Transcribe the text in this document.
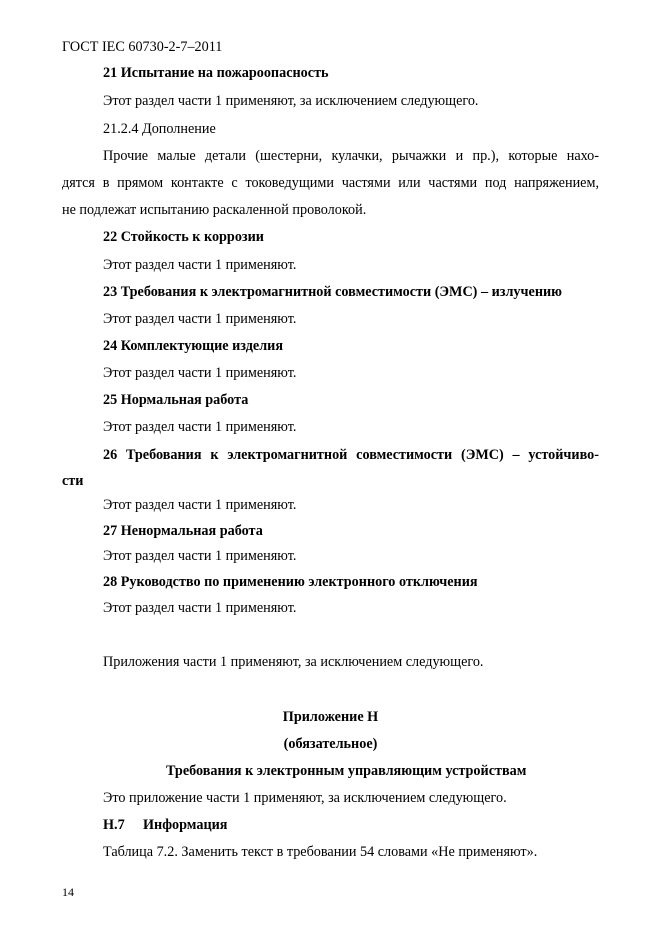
ГОСТ IEC 60730-2-7–2011

21 Испытание на пожароопасность

Этот раздел части 1 применяют, за исключением следующего.

21.2.4 Дополнение

Прочие малые детали (шестерни, кулачки, рычажки и пр.), которые нахо-

дятся в прямом контакте с токоведущими частями или частями под напряжением,

не подлежат испытанию раскаленной проволокой.

22 Стойкость к коррозии

Этот раздел части 1 применяют.

23 Требования к электромагнитной совместимости (ЭМС) – излучению

Этот раздел части 1 применяют.

24 Комплектующие изделия

Этот раздел части 1 применяют.

25 Нормальная работа

Этот раздел части 1 применяют.

26 Требования к электромагнитной совместимости (ЭМС) – устойчиво-

сти

Этот раздел части 1 применяют.

27 Ненормальная работа

Этот раздел части 1 применяют.

28 Руководство по применению электронного отключения

Этот раздел части 1 применяют.

Приложения части 1 применяют, за исключением следующего.

Приложение H

(обязательное)

Требования к электронным управляющим устройствам

Это приложение части 1 применяют, за исключением следующего.

H.7 Информация

Таблица 7.2. Заменить текст в требовании 54 словами «Не применяют».

14
